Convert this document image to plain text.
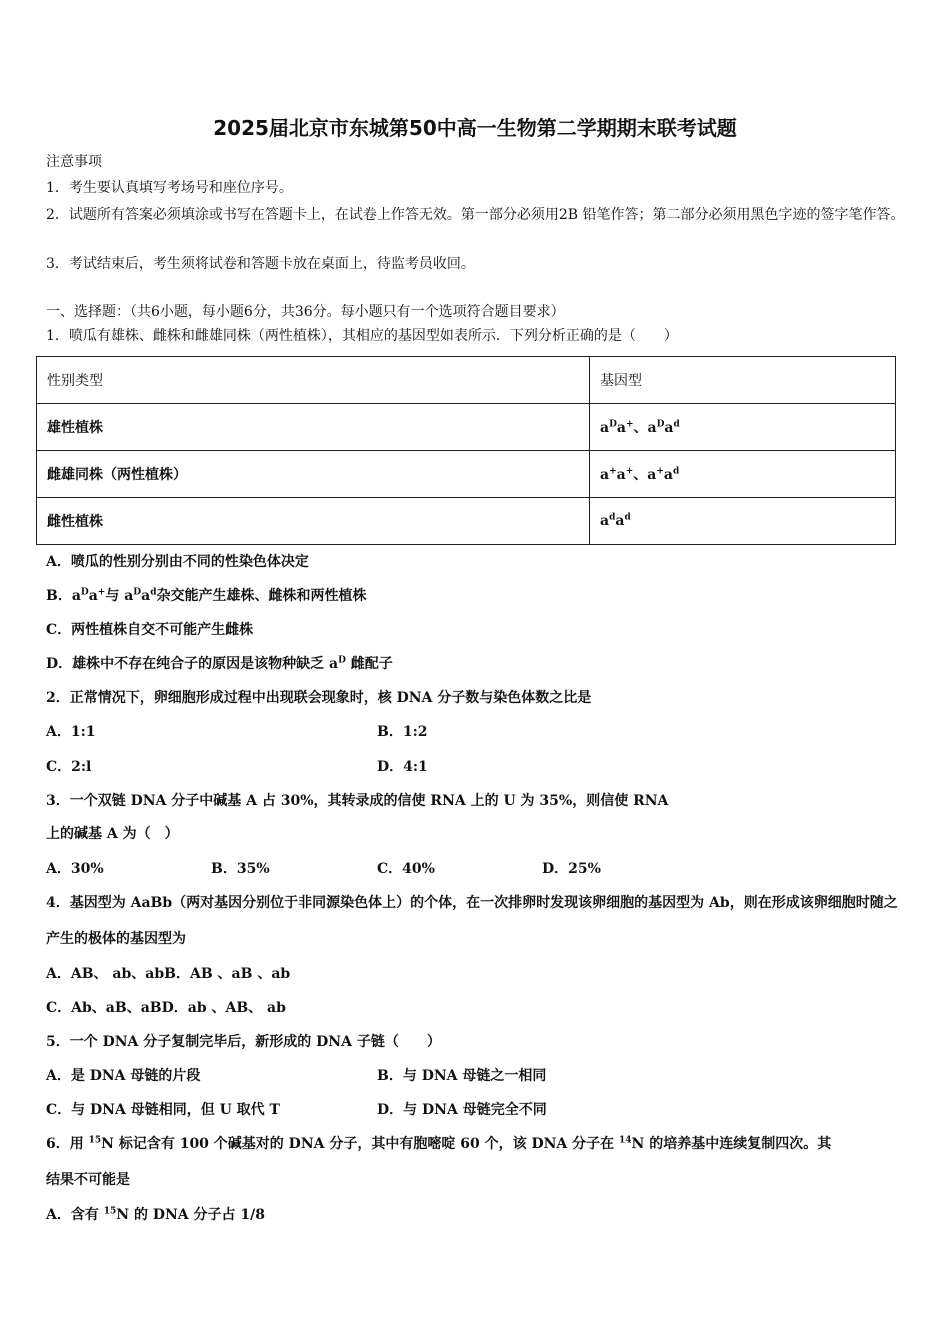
2025届北京市东城第50中高一生物第二学期期末联考试题
注意事项
1．考生要认真填写考场号和座位序号。
2．试题所有答案必须填涂或书写在答题卡上，在试卷上作答无效。第一部分必须用2B 铅笔作答；第二部分必须用黑色字迹的签字笔作答。
3．考试结束后，考生须将试卷和答题卡放在桌面上，待监考员收回。
一、选择题：（共6小题，每小题6分，共36分。每小题只有一个选项符合题目要求）
1．喷瓜有雄株、雌株和雌雄同株（两性植株），其相应的基因型如表所示．下列分析正确的是（　　）
性别类型	基因型
雄性植株	$a^Da^+$、$a^Da^d$
雌雄同株（两性植株）	a+a+、$a^+a^d$
雌性植株	$a^da^d$
A．喷瓜的性别分别由不同的性染色体决定
B．$a^Da^+$与 $a^Da^d$杂交能产生雄株、雌株和两性植株
C．两性植株自交不可能产生雌株
D．雄株中不存在纯合子的原因是该物种缺乏 $a^D$ 雌配子
2．正常情况下，卵细胞形成过程中出现联会现象时，核 DNA 分子数与染色体数之比是
A．1:1	B．1:2
C．2:l	D．4:1
3．一个双链 DNA 分子中碱基 A 占 30%，其转录成的信使 RNA 上的 U 为 35%，则信使 RNA
上的碱基 A 为（　）
A．30%	B．35%	C．40%	D．25%
4．基因型为 AaBb（两对基因分别位于非同源染色体上）的个体，在一次排卵时发现该卵细胞的基因型为 Ab，则在形成该卵细胞时随之产生的极体的基因型为
A．AB、 ab、abB．AB 、aB 、ab
C．Ab、aB、aBD．ab 、AB、 ab
5．一个 DNA 分子复制完毕后，新形成的 DNA 子链（　　）
A．是 DNA 母链的片段	B．与 DNA 母链之一相同
C．与 DNA 母链相同，但 U 取代 T	D．与 DNA 母链完全不同
6．用 $^{15}$N 标记含有 100 个碱基对的 DNA 分子，其中有胞嘧啶 60 个，该 DNA 分子在 $^{14}$N 的培养基中连续复制四次。其
结果不可能是
A．含有 $^{15}$N 的 DNA 分子占 1/8
